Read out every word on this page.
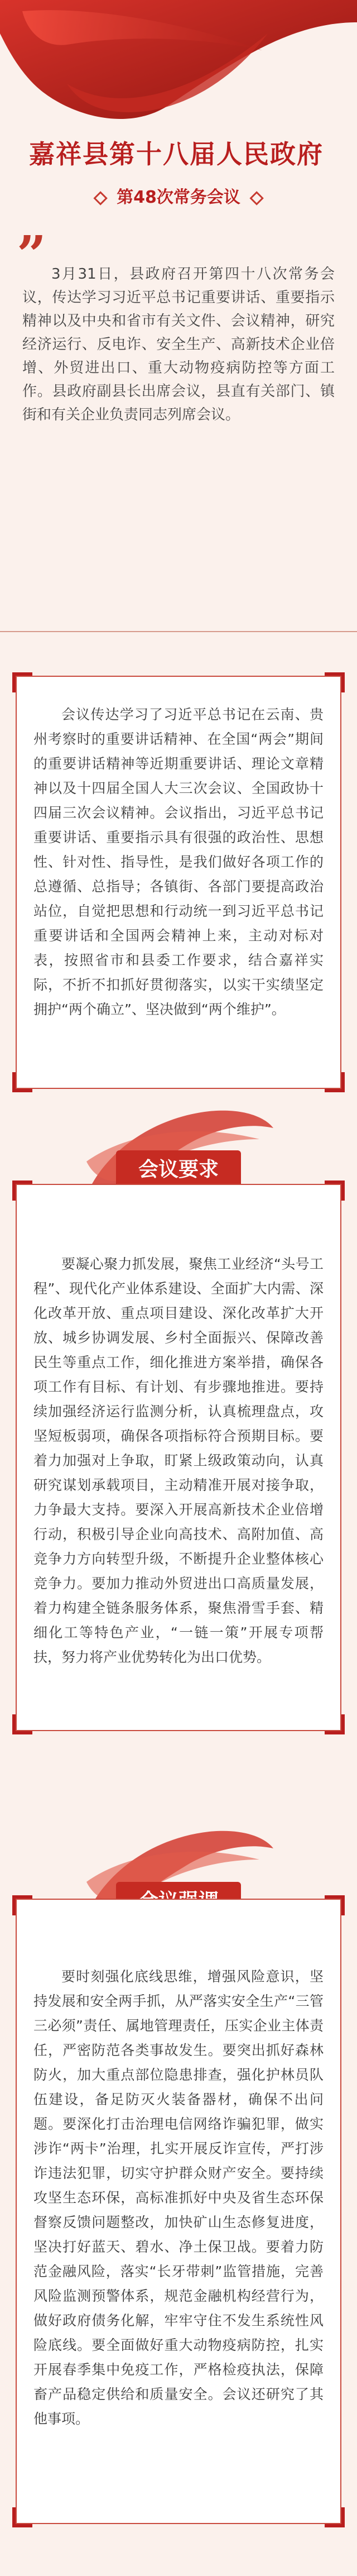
嘉祥县第十八届人民政府
第48次常务会议
” 3月31日，县政府召开第四十八次常务会议，传达学习习近平总书记重要讲话、重要指示精神以及中央和省市有关文件、会议精神，研究经济运行、反电诈、安全生产、高新技术企业倍增、外贸进出口、重大动物疫病防控等方面工作。县政府副县长出席会议，县直有关部门、镇街和有关企业负责同志列席会议。

会议传达学习了习近平总书记在云南、贵州考察时的重要讲话精神、在全国“两会”期间的重要讲话精神等近期重要讲话、理论文章精神以及十四届全国人大三次会议、全国政协十四届三次会议精神。会议指出，习近平总书记重要讲话、重要指示具有很强的政治性、思想性、针对性、指导性，是我们做好各项工作的总遵循、总指导；各镇街、各部门要提高政治站位，自觉把思想和行动统一到习近平总书记重要讲话和全国两会精神上来，主动对标对表，按照省市和县委工作要求，结合嘉祥实际，不折不扣抓好贯彻落实，以实干实绩坚定拥护“两个确立”、坚决做到“两个维护”。

会议要求

要凝心聚力抓发展，聚焦工业经济“头号工程”、现代化产业体系建设、全面扩大内需、深化改革开放、重点项目建设、深化改革扩大开放、城乡协调发展、乡村全面振兴、保障改善民生等重点工作，细化推进方案举措，确保各项工作有目标、有计划、有步骤地推进。要持续加强经济运行监测分析，认真梳理盘点，攻坚短板弱项，确保各项指标符合预期目标。要着力加强对上争取，盯紧上级政策动向，认真研究谋划承载项目，主动精准开展对接争取，力争最大支持。要深入开展高新技术企业倍增行动，积极引导企业向高技术、高附加值、高竞争力方向转型升级，不断提升企业整体核心竞争力。要加力推动外贸进出口高质量发展，着力构建全链条服务体系，聚焦滑雪手套、精细化工等特色产业，“一链一策”开展专项帮扶，努力将产业优势转化为出口优势。

要时刻强化底线思维，增强风险意识，坚持发展和安全两手抓，从严落实安全生产“三管三必须”责任、属地管理责任，压实企业主体责任，严密防范各类事故发生。要突出抓好森林防火，加大重点部位隐患排查，强化护林员队伍建设，备足防灭火装备器材，确保不出问题。要深化打击治理电信网络诈骗犯罪，做实涉诈“两卡”治理，扎实开展反诈宣传，严打涉诈违法犯罪，切实守护群众财产安全。要持续攻坚生态环保，高标准抓好中央及省生态环保督察反馈问题整改，加快矿山生态修复进度，坚决打好蓝天、碧水、净土保卫战。要着力防范金融风险，落实“长牙带刺”监管措施，完善风险监测预警体系，规范金融机构经营行为，做好政府债务化解，牢牢守住不发生系统性风险底线。要全面做好重大动物疫病防控，扎实开展春季集中免疫工作，严格检疫执法，保障畜产品稳定供给和质量安全。会议还研究了其他事项。
